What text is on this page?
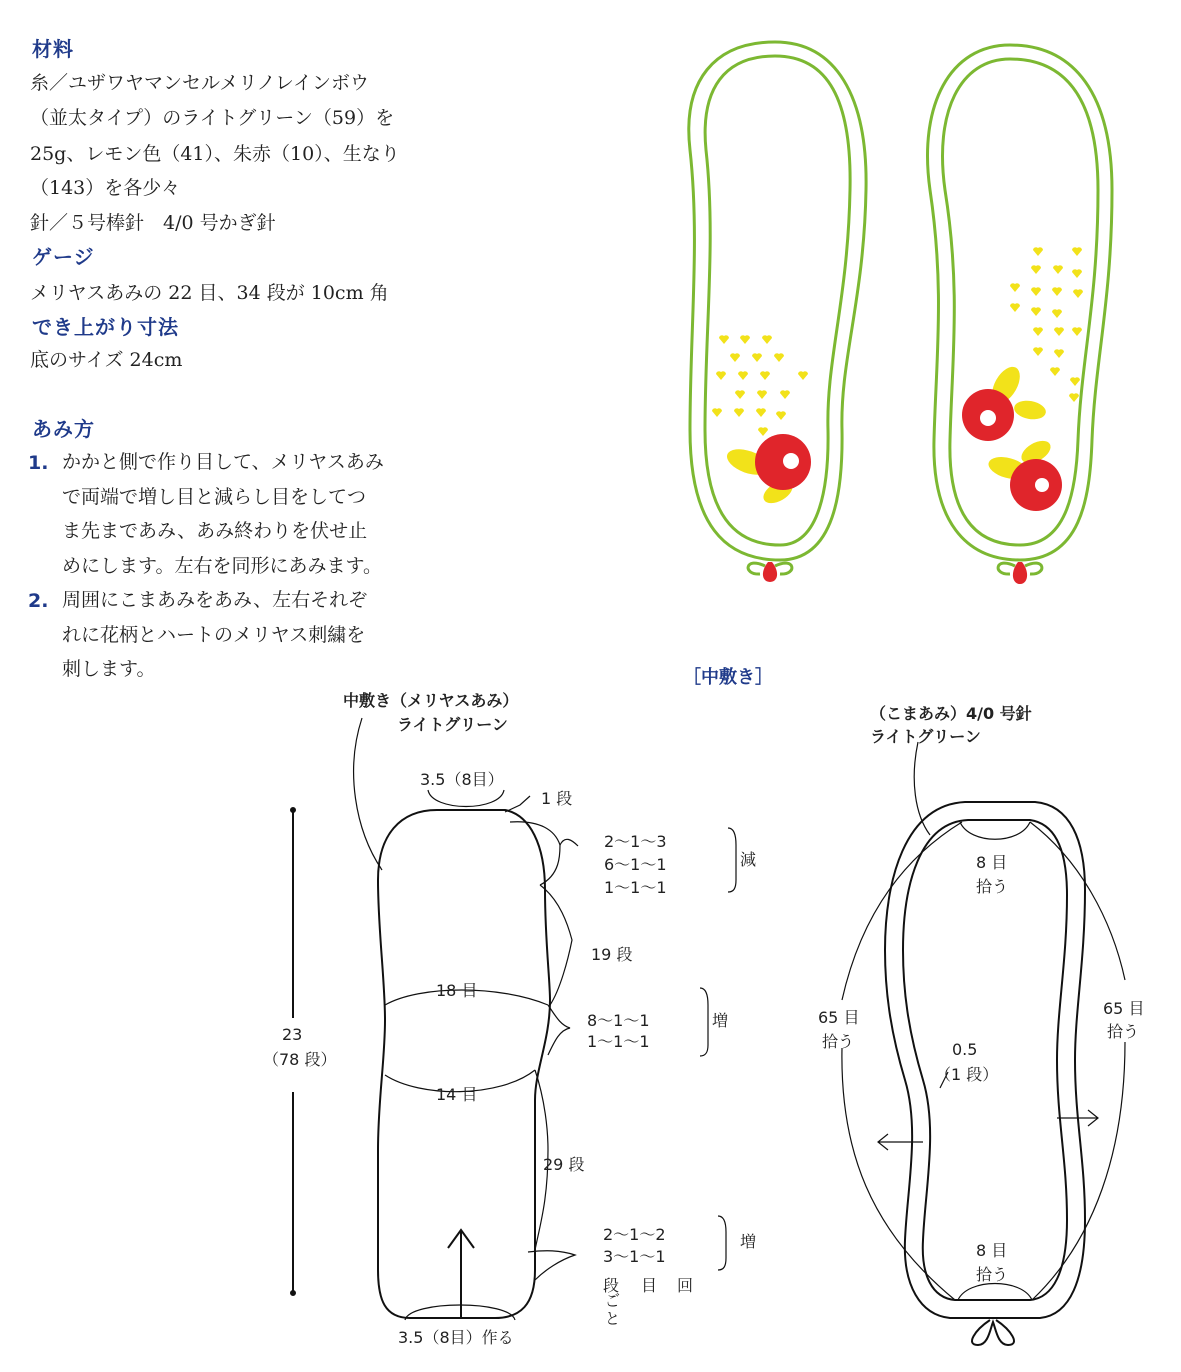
材料
糸／ユザワヤマンセルメリノレインボウ
（並太タイプ）のライトグリーン（59）を
25g、レモン色（41）、朱赤（10）、生なり
（143）を各少々
針／５号棒針　4/0 号かぎ針
ゲージ
メリヤスあみの 22 目、34 段が 10cm 角
でき上がり寸法
底のサイズ 24cm
あみ方
1. かかと側で作り目して、メリヤスあみ
で両端で増し目と減らし目をしてつ
ま先まであみ、あみ終わりを伏せ止
めにします。左右を同形にあみます。
2. 周囲にこまあみをあみ、左右それぞ
れに花柄とハートのメリヤス刺繍を
刺します。	［中敷き］
中敷き（メリヤスあみ）
ライトグリーン
3.5（8目）
1 段
2～1～3
6～1～1
1～1～1
減
19 段
18 目
8～1～1
1～1～1
増
14 目
29 段
2～1～2
3～1～1
増
段 目 回
ごと
3.5（8目）作る
23
（78 段）
（こまあみ）4/0 号針
ライトグリーン
8 目
拾う
65 目
拾う
65 目
拾う
0.5
（1 段）
8 目
拾う
